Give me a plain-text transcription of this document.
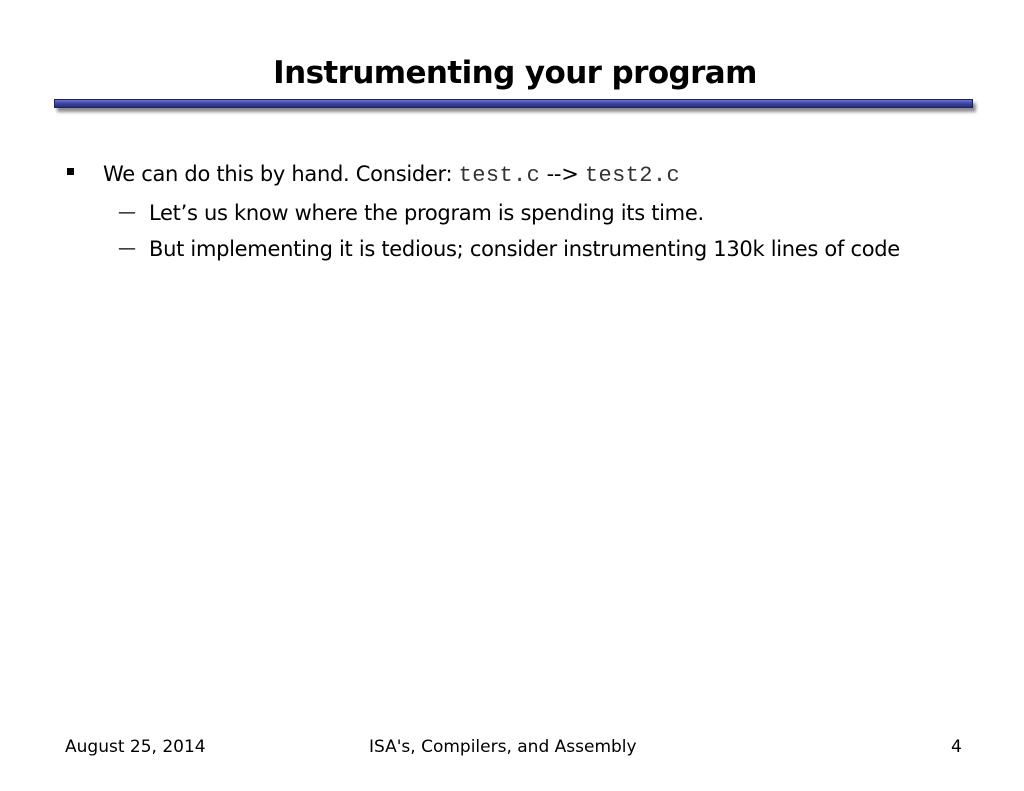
Instrumenting your program
We can do this by hand. Consider: test.c --> test2.c
— Let’s us know where the program is spending its time.
— But implementing it is tedious; consider instrumenting 130k lines of code
August 25, 2014	ISA's, Compilers, and Assembly	4
